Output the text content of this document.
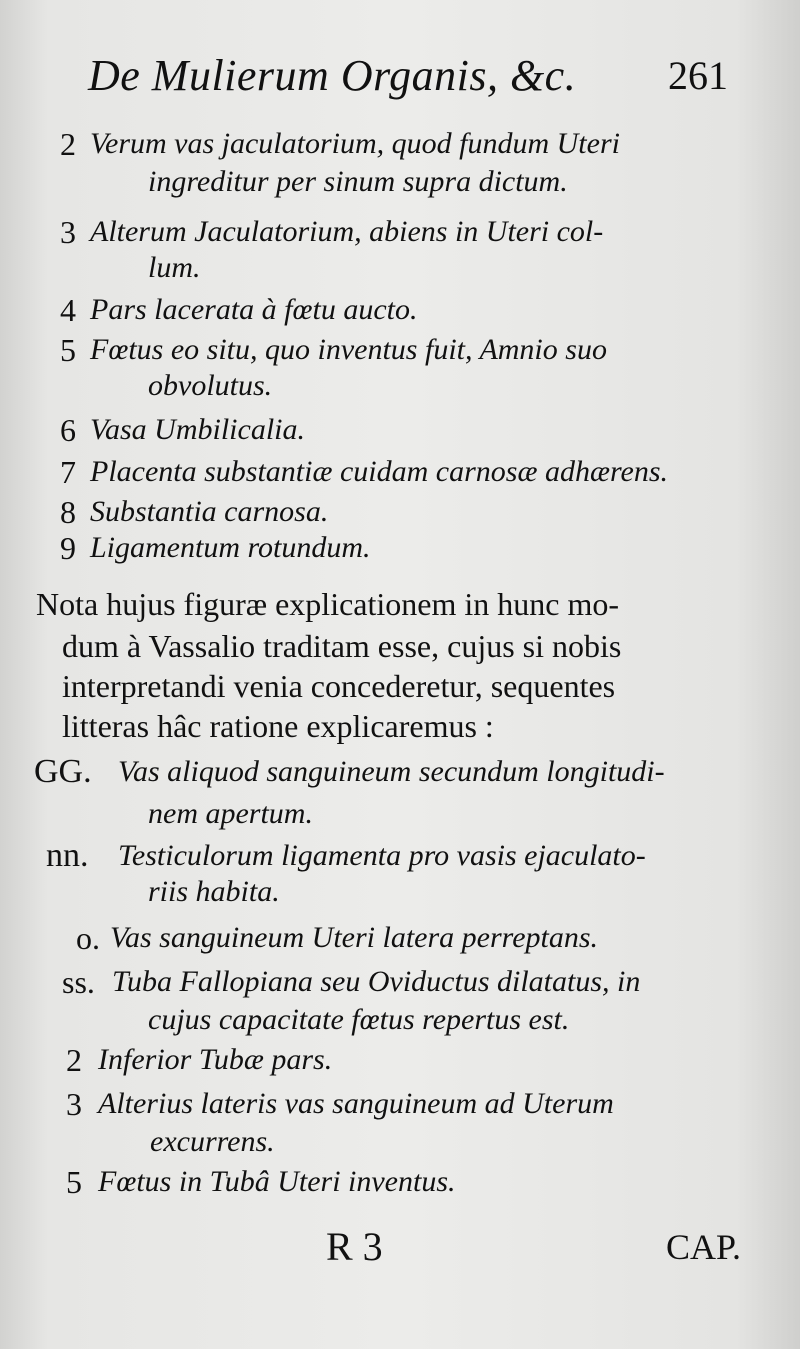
De Mulierum Organis, &c. 261
2 Verum vas jaculatorium, quod fundum Uteri
ingreditur per sinum supra dictum.
3 Alterum Jaculatorium, abiens in Uteri col-
lum.
4 Pars lacerata à fœtu aucto.
5 Fœtus eo situ, quo inventus fuit, Amnio suo
obvolutus.
6 Vasa Umbilicalia.
7 Placenta substantiæ cuidam carnosæ adhærens.
8 Substantia carnosa.
9 Ligamentum rotundum.
Nota hujus figuræ explicationem in hunc mo-
dum à Vassalio traditam esse, cujus si nobis
interpretandi venia concederetur, sequentes
litteras hâc ratione explicaremus :
GG. Vas aliquod sanguineum secundum longitudi-
nem apertum.
nn. Testiculorum ligamenta pro vasis ejaculato-
riis habita.
o. Vas sanguineum Uteri latera perreptans.
ss. Tuba Fallopiana seu Oviductus dilatatus, in
cujus capacitate fœtus repertus est.
2 Inferior Tubæ pars.
3 Alterius lateris vas sanguineum ad Uterum
excurrens.
5 Fœtus in Tubâ Uteri inventus.
R 3	CAP.
